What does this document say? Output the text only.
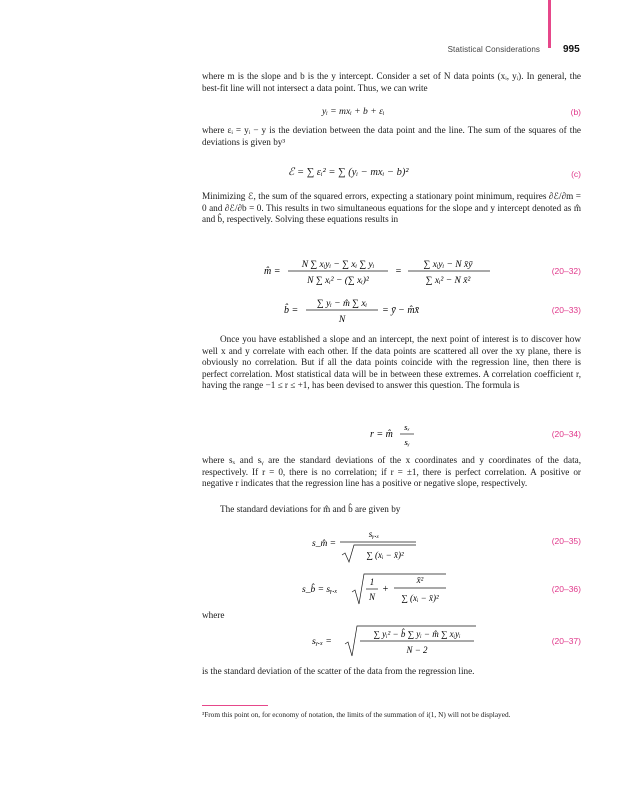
Statistical Considerations 995
where m is the slope and b is the y intercept. Consider a set of N data points (xᵢ, yᵢ). In general, the best-fit line will not intersect a data point. Thus, we can write
yᵢ = mxᵢ + b + εᵢ	(b)
where εᵢ = yᵢ − y is the deviation between the data point and the line. The sum of the squares of the deviations is given by³
ℰ = ∑ εᵢ² = ∑ (yᵢ − mxᵢ − b)²	(c)
Minimizing ℰ, the sum of the squared errors, expecting a stationary point minimum, requires ∂ℰ/∂m = 0 and ∂ℰ/∂b = 0. This results in two simultaneous equations for the slope and y intercept denoted as m̂ and b̂, respectively. Solving these equations results in
m̂ =
N ∑ xᵢyᵢ − ∑ xᵢ ∑ yᵢ
N ∑ xᵢ² − (∑ xᵢ)²
=
∑ xᵢyᵢ − N x̄ȳ
∑ xᵢ² − N x̄²
(20–32)
b̂ =
∑ yᵢ − m̂ ∑ xᵢ
N
= ȳ − m̂x̄	(20–33)
Once you have established a slope and an intercept, the next point of interest is to discover how well x and y correlate with each other. If the data points are scattered all over the xy plane, there is obviously no correlation. But if all the data points coincide with the regression line, then there is perfect correlation. Most statistical data will be in between these extremes. A correlation coefficient r, having the range −1 ≤ r ≤ +1, has been devised to answer this question. The formula is
r = m̂
sₓ
sᵧ
(20–34)
where sₓ and sᵧ are the standard deviations of the x coordinates and y coordinates of the data, respectively. If r = 0, there is no correlation; if r = ±1, there is perfect correlation. A positive or negative r indicates that the regression line has a positive or negative slope, respectively.
The standard deviations for m̂ and b̂ are given by
s_m̂ =
sᵧ.ₓ
∑ (xᵢ − x̄)²
(20–35)
s_b̂ = sᵧ.ₓ
1
N
+
x̄²
∑ (xᵢ − x̄)²
(20–36)
where
sᵧ.ₓ =
∑ yᵢ² − b̂ ∑ yᵢ − m̂ ∑ xᵢyᵢ
N − 2
(20–37)
is the standard deviation of the scatter of the data from the regression line.
³From this point on, for economy of notation, the limits of the summation of i(1, N) will not be displayed.
